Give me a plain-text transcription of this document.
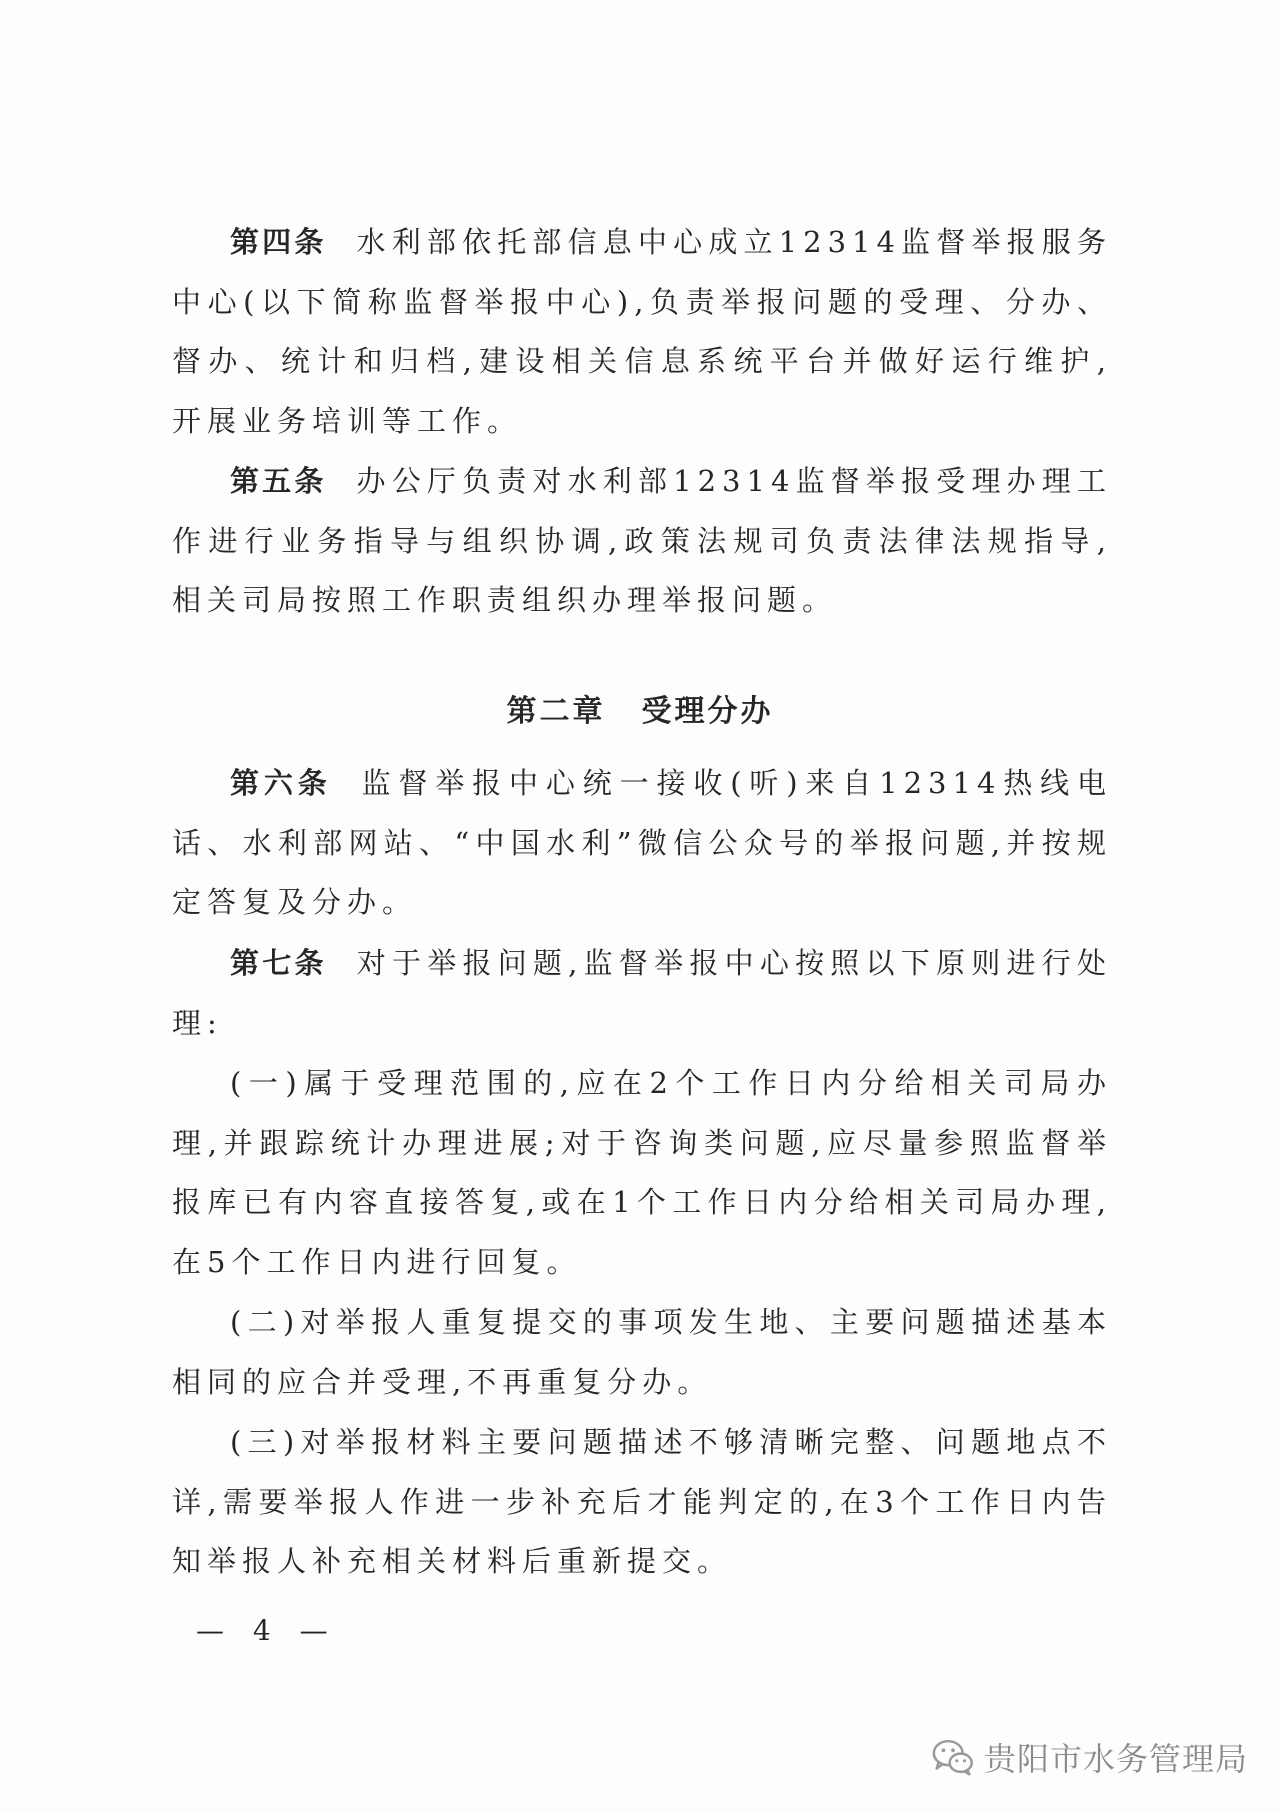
第四条 水利部依托部信息中心成立12314监督举报服务中心(以下简称监督举报中心),负责举报问题的受理、分办、督办、统计和归档,建设相关信息系统平台并做好运行维护,开展业务培训等工作。

第五条 办公厅负责对水利部12314监督举报受理办理工作进行业务指导与组织协调,政策法规司负责法律法规指导,相关司局按照工作职责组织办理举报问题。

第二章 受理分办

第六条 监督举报中心统一接收(听)来自12314热线电话、水利部网站、“中国水利”微信公众号的举报问题,并按规定答复及分办。

第七条 对于举报问题,监督举报中心按照以下原则进行处理:

(一)属于受理范围的,应在2个工作日内分给相关司局办理,并跟踪统计办理进展;对于咨询类问题,应尽量参照监督举报库已有内容直接答复,或在1个工作日内分给相关司局办理,在5个工作日内进行回复。

(二)对举报人重复提交的事项发生地、主要问题描述基本相同的应合并受理,不再重复分办。

(三)对举报材料主要问题描述不够清晰完整、问题地点不详,需要举报人作进一步补充后才能判定的,在3个工作日内告知举报人补充相关材料后重新提交。

— 4 —
贵阳市水务管理局
